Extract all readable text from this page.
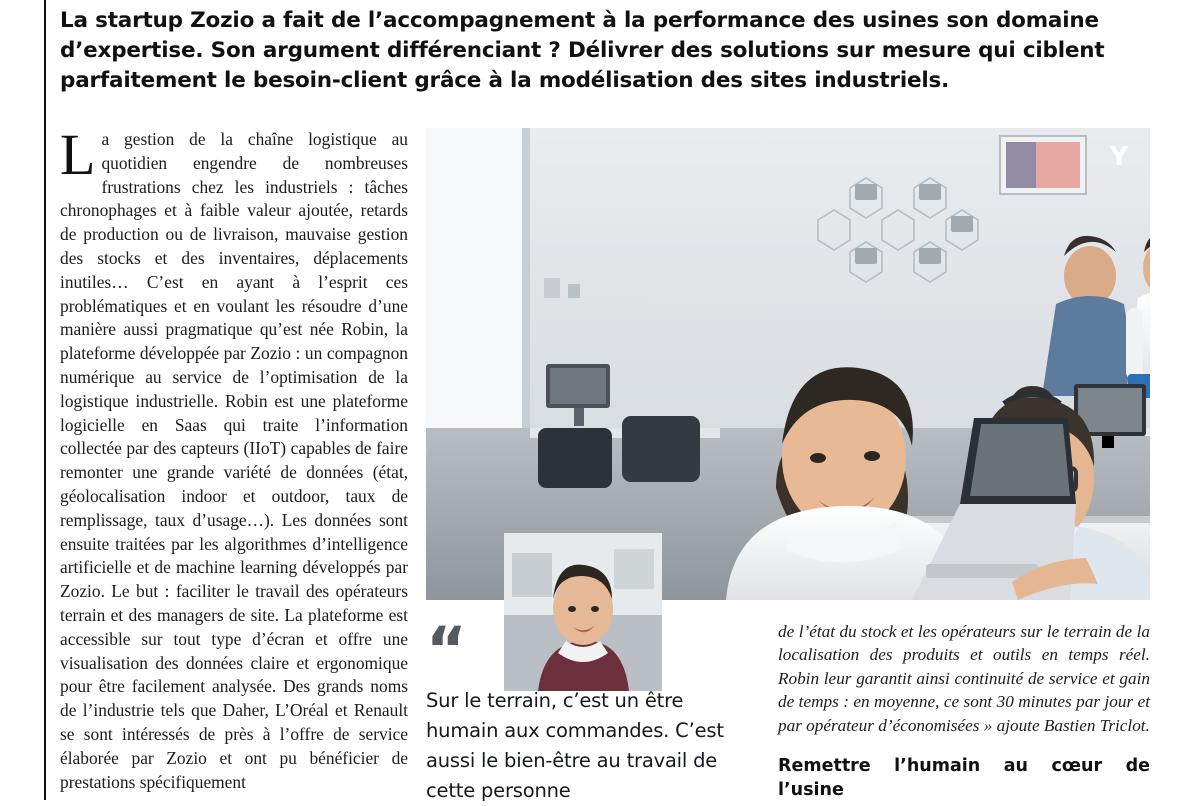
La startup Zozio a fait de l’accompagnement à la performance des usines son domaine d’expertise. Son argument différenciant ? Délivrer des solutions sur mesure qui ciblent parfaitement le besoin-client grâce à la modélisation des sites industriels.
L a gestion de la chaîne logistique au quotidien engendre de nombreuses frustrations chez les industriels : tâches chronophages et à faible valeur ajoutée, retards de production ou de livraison, mauvaise gestion des stocks et des inventaires, déplacements inutiles… C’est en ayant à l’esprit ces problématiques et en voulant les résoudre d’une manière aussi pragmatique qu’est née Robin, la plateforme développée par Zozio : un compagnon numérique au service de l’optimisation de la logistique industrielle. Robin est une plateforme logicielle en Saas qui traite l’information collectée par des capteurs (IIoT) capables de faire remonter une grande variété de données (état, géolocalisation indoor et outdoor, taux de remplissage, taux d’usage…). Les données sont ensuite traitées par les algorithmes d’intelligence artificielle et de machine learning développés par Zozio. Le but : faciliter le travail des opérateurs terrain et des managers de site. La plateforme est accessible sur tout type d’écran et offre une visualisation des données claire et ergonomique pour être facilement analysée. Des grands noms de l’industrie tels que Daher, L’Oréal et Renault se sont intéressés de près à l’offre de service élaborée par Zozio et ont pu bénéficier de prestations spécifiquement

Y
“
Sur le terrain, c’est un être humain aux commandes. C’est aussi le bien-être au travail de cette personne
de l’état du stock et les opérateurs sur le terrain de la localisation des produits et outils en temps réel. Robin leur garantit ainsi continuité de service et gain de temps : en moyenne, ce sont 30 minutes par jour et par opérateur d’économisées » ajoute Bastien Triclot.
Remettre l’humain au cœur de l’usine
